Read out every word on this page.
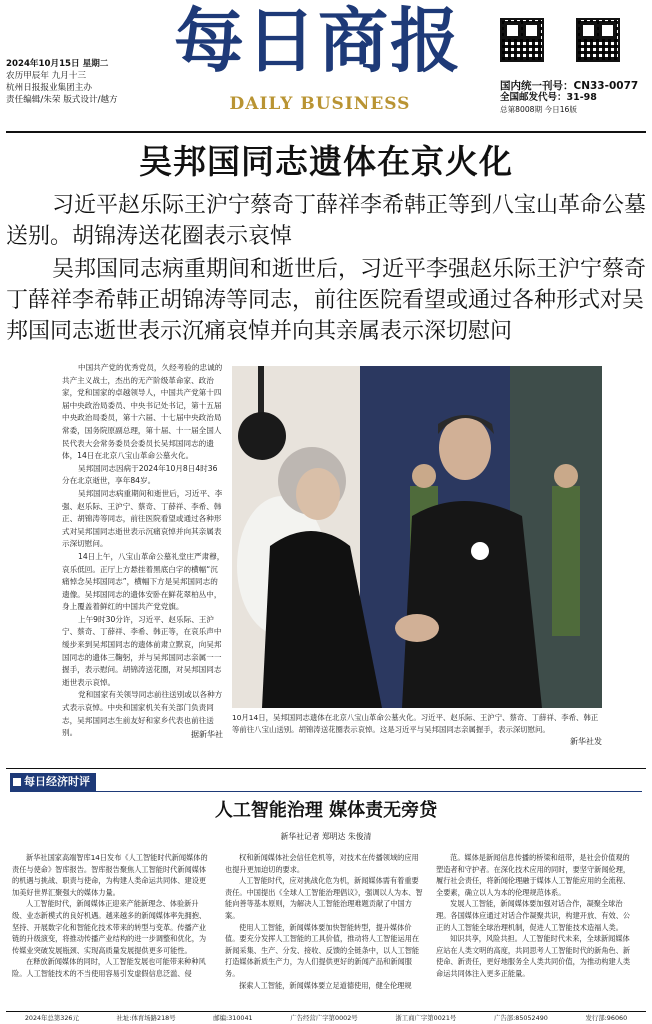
2024年10月15日 星期二
农历甲辰年 九月十三
杭州日报报业集团主办
责任编辑/朱荣 版式设计/越方
每日商报
DAILY BUSINESS
国内统一刊号：CN33-0077
全国邮发代号：31-98
总第8008期 今日16版
吴邦国同志遗体在京火化

习近平赵乐际王沪宁蔡奇丁薛祥李希韩正等到八宝山革命公墓送别。胡锦涛送花圈表示哀悼

吴邦国同志病重期间和逝世后，习近平李强赵乐际王沪宁蔡奇丁薛祥李希韩正胡锦涛等同志，前往医院看望或通过各种形式对吴邦国同志逝世表示沉痛哀悼并向其亲属表示深切慰问

中国共产党的优秀党员，久经考验的忠诚的共产主义战士，杰出的无产阶级革命家、政治家，党和国家的卓越领导人，中国共产党第十四届中央政治局委员、中央书记处书记，第十五届中央政治局委员，第十六届、十七届中央政治局常委，国务院原副总理，第十届、十一届全国人民代表大会常务委员会委员长吴邦国同志的遗体，14日在北京八宝山革命公墓火化。

吴邦国同志因病于2024年10月8日4时36分在北京逝世，享年84岁。

吴邦国同志病重期间和逝世后，习近平、李强、赵乐际、王沪宁、蔡奇、丁薛祥、李希、韩正、胡锦涛等同志，前往医院看望或通过各种形式对吴邦国同志逝世表示沉痛哀悼并向其亲属表示深切慰问。

14日上午，八宝山革命公墓礼堂庄严肃穆，哀乐低回。正厅上方悬挂着黑底白字的横幅“沉痛悼念吴邦国同志”，横幅下方是吴邦国同志的遗像。吴邦国同志的遗体安卧在鲜花翠柏丛中，身上覆盖着鲜红的中国共产党党旗。

上午9时30分许，习近平、赵乐际、王沪宁、蔡奇、丁薛祥、李希、韩正等，在哀乐声中缓步来到吴邦国同志的遗体前肃立默哀，向吴邦国同志的遗体三鞠躬，并与吴邦国同志亲属一一握手，表示慰问。胡锦涛送花圈，对吴邦国同志逝世表示哀悼。

党和国家有关领导同志前往送别或以各种方式表示哀悼。中央和国家机关有关部门负责同志，吴邦国同志生前友好和家乡代表也前往送别。	据新华社
10月14日，吴邦国同志遗体在北京八宝山革命公墓火化。习近平、赵乐际、王沪宁、蔡奇、丁薛祥、李希、韩正等前往八宝山送别。胡锦涛送花圈表示哀悼。这是习近平与吴邦国同志亲属握手，表示深切慰问。
新华社发
每日经济时评
人工智能治理 媒体责无旁贷
新华社记者 郑明达 朱俊清

新华社国家高端智库14日发布《人工智能时代新闻媒体的责任与使命》智库报告。智库报告聚焦人工智能时代新闻媒体的机遇与挑战、职责与使命，为构建人类命运共同体、建设更加美好世界汇聚强大的媒体力量。

人工智能时代，新闻媒体正迎来产能新理念、体验新升级、业态新模式的良好机遇。越来越多的新闻媒体率先拥抱、坚持、开展数字化和智能化技术带来的转型与变革。传播产业链的升级演变，将推动传播产业结构的进一步调整和优化，为传媒业突破发展瓶颈、实现高质量发展提供更多可能性。

在释放新闻媒体的同时，人工智能发展也可能带来种种风险。人工智能技术的不当使用容易引发虚假信息泛滥、侵

权和新闻媒体社会信任危机等，对技术在传播领域的应用也提升更加迫切的要求。

人工智能时代，应对挑战化危为机，新闻媒体需有着重要责任。中国提出《全球人工智能治理倡议》，强调以人为本、智能向善等基本原则，为解决人工智能治理难题贡献了中国方案。

使用人工智能，新闻媒体要加快智能转型，提升媒体价值。要充分发挥人工智能的工具价值，推动将人工智能运用在新闻采集、生产、分发、接收、反馈的全链条中，以人工智能打造媒体新质生产力，为人们提供更好的新闻产品和新闻服务。

探索人工智能，新闻媒体要立足道德使用，健全伦理规

范。媒体是新闻信息传播的桥梁和纽带，是社会价值观的塑造者和守护者。在深化技术应用的同时，要坚守新闻伦理，履行社会责任，将新闻伦理融于媒体人工智能应用的全流程、全要素，确立以人为本的伦理规范体系。

发展人工智能，新闻媒体要加强对话合作，凝聚全球治理。各国媒体应通过对话合作凝聚共识，构建开放、有效、公正的人工智能全球治理机制，促进人工智能技术造福人类。

知识共享，风险共担。人工智能时代未来，全球新闻媒体应站在人类文明的高度，共同思考人工智能时代的新角色、新使命、新责任，更好地服务全人类共同价值，为推动构建人类命运共同体注入更多正能量。

2024年总第326元	社址:体育场路218号	邮编:310041	广告经营广字第0002号	浙工商广字第0021号	广告部:85052490	发行部:96060
